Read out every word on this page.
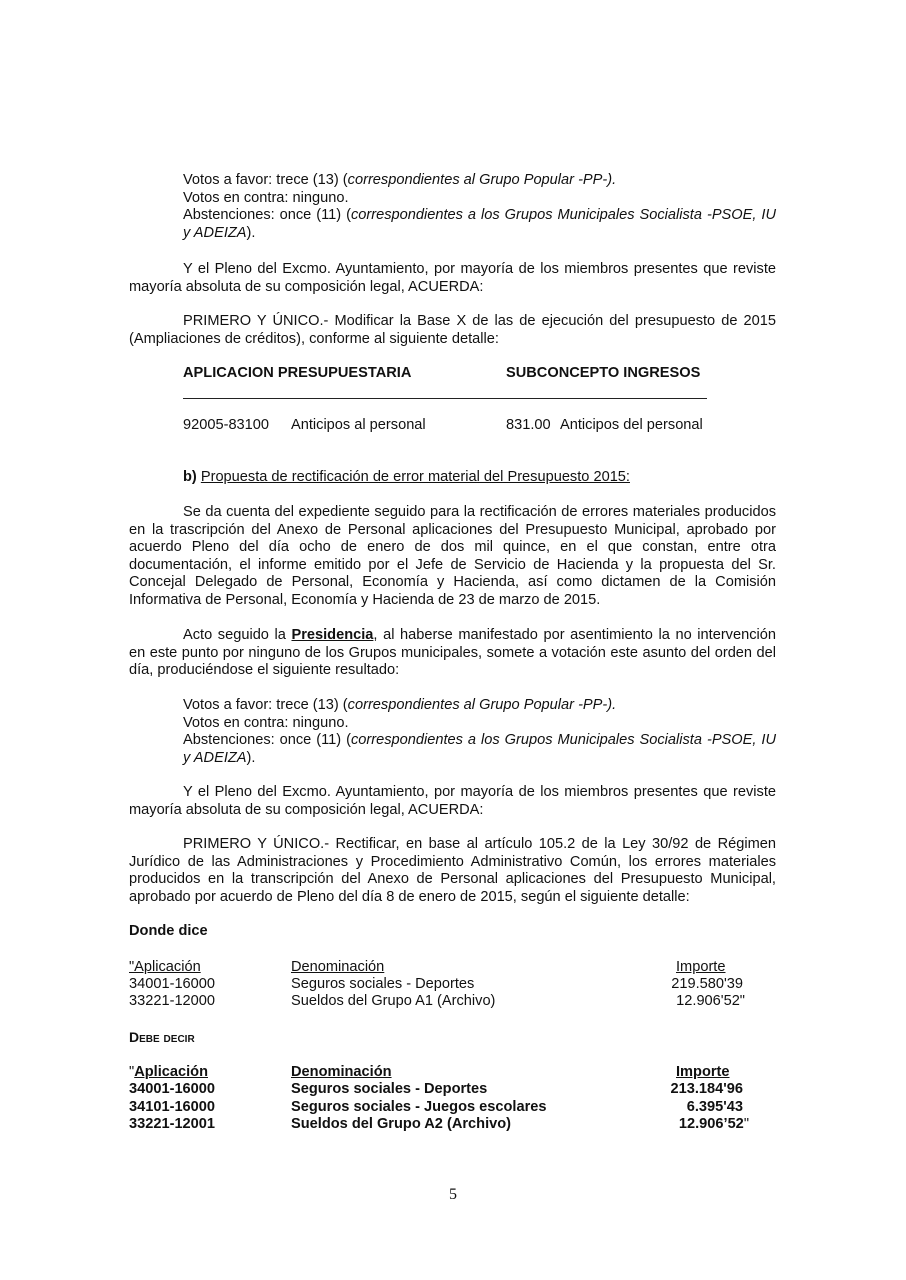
Votos a favor: trece (13) (correspondientes al Grupo Popular -PP-).
Votos en contra: ninguno.
Abstenciones: once (11) (correspondientes a los Grupos Municipales Socialista -PSOE, IU y ADEIZA).
Y el Pleno del Excmo. Ayuntamiento, por mayoría de los miembros presentes que reviste mayoría absoluta de su composición legal, ACUERDA:
PRIMERO Y ÚNICO.- Modificar la Base X de las de ejecución del presupuesto de 2015 (Ampliaciones de créditos), conforme al siguiente detalle:
APLICACION PRESUPUESTARIA	SUBCONCEPTO INGRESOS
92005-83100 Anticipos al personal	831.00 Anticipos del personal
b) Propuesta de rectificación de error material del Presupuesto 2015:
Se da cuenta del expediente seguido para la rectificación de errores materiales producidos en la trascripción del Anexo de Personal aplicaciones del Presupuesto Municipal, aprobado por acuerdo Pleno del día ocho de enero de dos mil quince, en el que constan, entre otra documentación, el informe emitido por el Jefe de Servicio de Hacienda y la propuesta del Sr. Concejal Delegado de Personal, Economía y Hacienda, así como dictamen de la Comisión Informativa de Personal, Economía y Hacienda de 23 de marzo de 2015.
Acto seguido la Presidencia, al haberse manifestado por asentimiento la no intervención en este punto por ninguno de los Grupos municipales, somete a votación este asunto del orden del día, produciéndose el siguiente resultado:
Votos a favor: trece (13) (correspondientes al Grupo Popular -PP-).
Votos en contra: ninguno.
Abstenciones: once (11) (correspondientes a los Grupos Municipales Socialista -PSOE, IU y ADEIZA).
Y el Pleno del Excmo. Ayuntamiento, por mayoría de los miembros presentes que reviste mayoría absoluta de su composición legal, ACUERDA:
PRIMERO Y ÚNICO.- Rectificar, en base al artículo 105.2 de la Ley 30/92 de Régimen Jurídico de las Administraciones y Procedimiento Administrativo Común, los errores materiales producidos en la transcripción del Anexo de Personal aplicaciones del Presupuesto Municipal, aprobado por acuerdo de Pleno del día 8 de enero de 2015, según el siguiente detalle:
Donde dice
"Aplicación	Denominación	Importe
34001-16000	Seguros sociales - Deportes	219.580'39
33221-12000	Sueldos del Grupo A1 (Archivo)	12.906'52"
Debe decir
"Aplicación	Denominación	Importe
34001-16000	Seguros sociales - Deportes	213.184'96
34101-16000	Seguros sociales - Juegos escolares	6.395'43
33221-12001	Sueldos del Grupo A2 (Archivo)	12.906’52"
5
